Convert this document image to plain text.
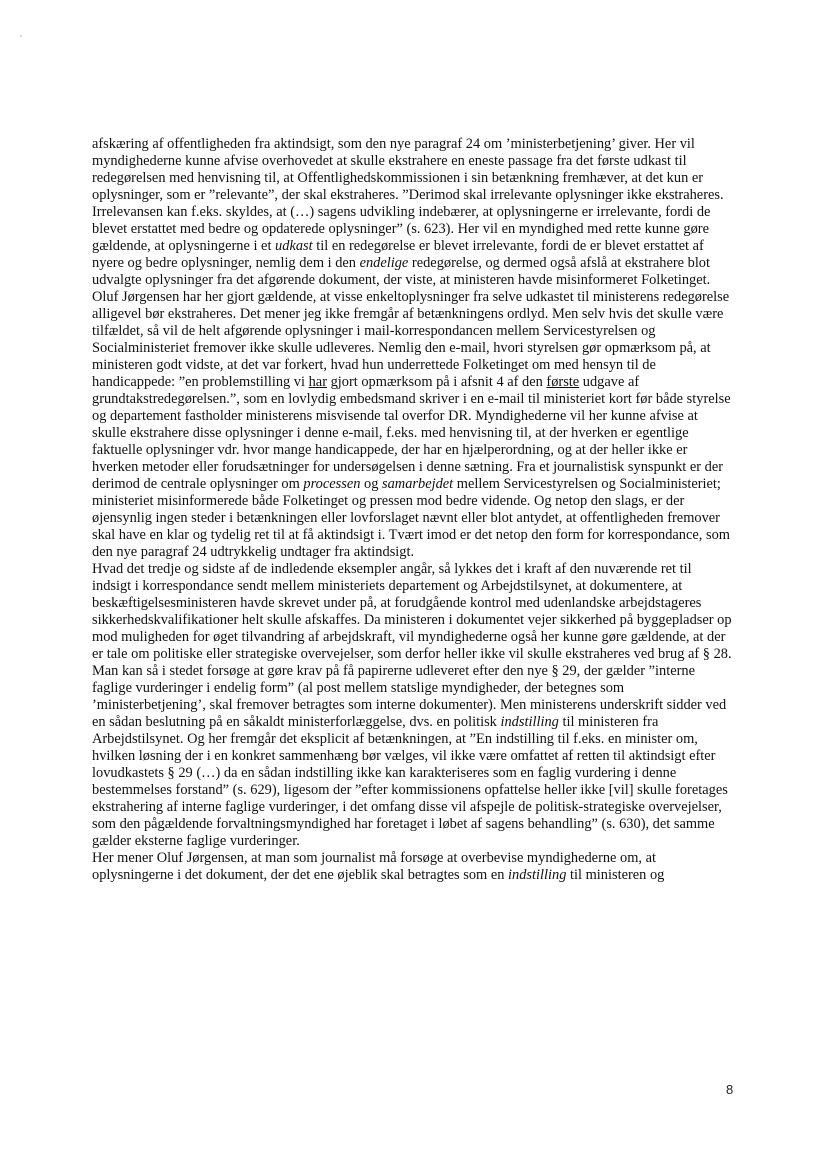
afskæring af offentligheden fra aktindsigt, som den nye paragraf 24 om ’ministerbetjening’ giver. Her vil myndighederne kunne afvise overhovedet at skulle ekstrahere en eneste passage fra det første udkast til redegørelsen med henvisning til, at Offentlighedskommissionen i sin betænkning fremhæver, at det kun er oplysninger, som er ”relevante”, der skal ekstraheres. ”Derimod skal irrelevante oplysninger ikke ekstraheres. Irrelevansen kan f.eks. skyldes, at (…) sagens udvikling indebærer, at oplysningerne er irrelevante, fordi de blevet erstattet med bedre og opdaterede oplysninger” (s. 623). Her vil en myndighed med rette kunne gøre gældende, at oplysningerne i et udkast til en redegørelse er blevet irrelevante, fordi de er blevet erstattet af nyere og bedre oplysninger, nemlig dem i den endelige redegørelse, og dermed også afslå at ekstrahere blot udvalgte oplysninger fra det afgørende dokument, der viste, at ministeren havde misinformeret Folketinget. Oluf Jørgensen har her gjort gældende, at visse enkeltoplysninger fra selve udkastet til ministerens redegørelse alligevel bør ekstraheres. Det mener jeg ikke fremgår af betænkningens ordlyd. Men selv hvis det skulle være tilfældet, så vil de helt afgørende oplysninger i mail-korrespondancen mellem Servicestyrelsen og Socialministeriet fremover ikke skulle udleveres. Nemlig den e-mail, hvori styrelsen gør opmærksom på, at ministeren godt vidste, at det var forkert, hvad hun underrettede Folketinget om med hensyn til de handicappede: ”en problemstilling vi har gjort opmærksom på i afsnit 4 af den første udgave af grundtakstredegørelsen.”, som en lovlydig embedsmand skriver i en e-mail til ministeriet kort før både styrelse og departement fastholder ministerens misvisende tal overfor DR. Myndighederne vil her kunne afvise at skulle ekstrahere disse oplysninger i denne e-mail, f.eks. med henvisning til, at der hverken er egentlige faktuelle oplysninger vdr. hvor mange handicappede, der har en hjælperordning, og at der heller ikke er hverken metoder eller forudsætninger for undersøgelsen i denne sætning. Fra et journalistisk synspunkt er der derimod de centrale oplysninger om processen og samarbejdet mellem Servicestyrelsen og Socialministeriet; ministeriet misinformerede både Folketinget og pressen mod bedre vidende. Og netop den slags, er der øjensynlig ingen steder i betænkningen eller lovforslaget nævnt eller blot antydet, at offentligheden fremover skal have en klar og tydelig ret til at få aktindsigt i. Tvært imod er det netop den form for korrespondance, som den nye paragraf 24 udtrykkelig undtager fra aktindsigt.

Hvad det tredje og sidste af de indledende eksempler angår, så lykkes det i kraft af den nuværende ret til indsigt i korrespondance sendt mellem ministeriets departement og Arbejdstilsynet, at dokumentere, at beskæftigelsesministeren havde skrevet under på, at forudgående kontrol med udenlandske arbejdstageres sikkerhedskvalifikationer helt skulle afskaffes. Da ministeren i dokumentet vejer sikkerhed på byggepladser op mod muligheden for øget tilvandring af arbejdskraft, vil myndighederne også her kunne gøre gældende, at der er tale om politiske eller strategiske overvejelser, som derfor heller ikke vil skulle ekstraheres ved brug af § 28.

Man kan så i stedet forsøge at gøre krav på få papirerne udleveret efter den nye § 29, der gælder ”interne faglige vurderinger i endelig form” (al post mellem statslige myndigheder, der betegnes som ’ministerbetjening’, skal fremover betragtes som interne dokumenter). Men ministerens underskrift sidder ved en sådan beslutning på en såkaldt ministerforlæggelse, dvs. en politisk indstilling til ministeren fra Arbejdstilsynet. Og her fremgår det eksplicit af betænkningen, at ”En indstilling til f.eks. en minister om, hvilken løsning der i en konkret sammenhæng bør vælges, vil ikke være omfattet af retten til aktindsigt efter lovudkastets § 29 (…) da en sådan indstilling ikke kan karakteriseres som en faglig vurdering i denne bestemmelses forstand” (s. 629), ligesom der ”efter kommissionens opfattelse heller ikke [vil] skulle foretages ekstrahering af interne faglige vurderinger, i det omfang disse vil afspejle de politisk-strategiske overvejelser, som den pågældende forvaltningsmyndighed har foretaget i løbet af sagens behandling” (s. 630), det samme gælder eksterne faglige vurderinger.

Her mener Oluf Jørgensen, at man som journalist må forsøge at overbevise myndighederne om, at oplysningerne i det dokument, der det ene øjeblik skal betragtes som en indstilling til ministeren og

8
